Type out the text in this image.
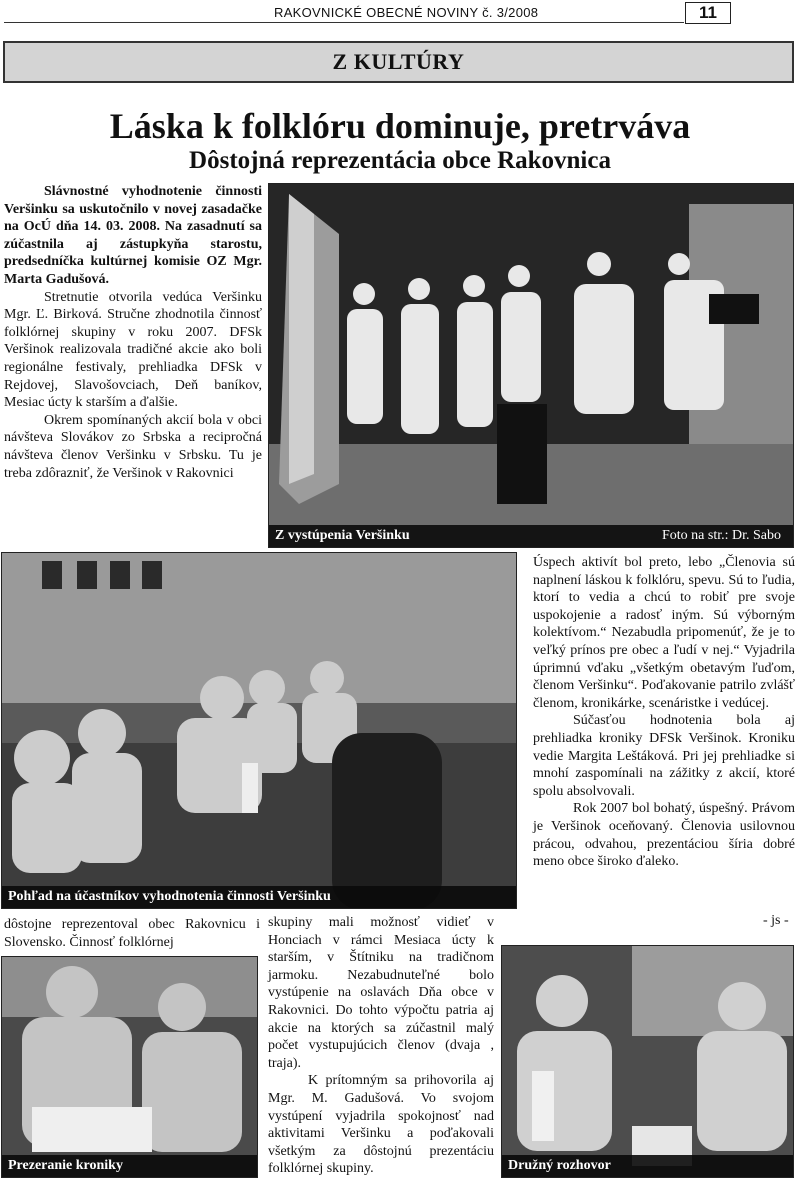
RAKOVNICKÉ OBECNÉ NOVINY č. 3/2008	11
Z KULTÚRY
Láska k folklóru dominuje, pretrváva
Dôstojná reprezentácia obce Rakovnica

Slávnostné vyhodnotenie činnosti Veršinku sa uskutočnilo v novej zasadačke na OcÚ dňa 14. 03. 2008. Na zasadnutí sa zúčastnila aj zástupkyňa starostu, predsedníčka kultúrnej komisie OZ Mgr. Marta Gadušová.

Stretnutie otvorila vedúca Veršinku Mgr. Ľ. Birková. Stručne zhodnotila činnosť folklórnej skupiny v roku 2007. DFSk Veršinok realizovala tradičné akcie ako boli regionálne festivaly, prehliadka DFSk v Rejdovej, Slavošovciach, Deň baníkov, Mesiac úcty k starším a ďalšie.

Okrem spomínaných akcií bola v obci návšteva Slovákov zo Srbska a recipročná návšteva členov Veršinku v Srbsku. Tu je treba zdôrazniť, že Veršinok v Rakovnici

Z vystúpenia Veršinku	Foto na str.: Dr. Sabo
Pohľad na účastníkov vyhodnotenia činnosti Veršinku

Úspech aktivít bol preto, lebo „Členovia sú naplnení láskou k folklóru, spevu. Sú to ľudia, ktorí to vedia a chcú to robiť pre svoje uspokojenie a radosť iným. Sú výborným kolektívom.“ Nezabudla pripomenúť, že je to veľký prínos pre obec a ľudí v nej.“ Vyjadrila úprimnú vďaku „všetkým obetavým ľuďom, členom Veršinku“. Poďakovanie patrilo zvlášť členom, kronikárke, scenáristke i vedúcej.

Súčasťou hodnotenia bola aj prehliadka kroniky DFSk Veršinok. Kroniku vedie Margita Leštáková. Pri jej prehliadke si mnohí zaspomínali na zážitky z akcií, ktoré spolu absolvovali.

Rok 2007 bol bohatý, úspešný. Právom je Veršinok oceňovaný. Členovia usilovnou prácou, odvahou, prezentáciou šíria dobré meno obce široko ďaleko.

- js -

dôstojne reprezentoval obec Rakovnicu i Slovensko. Činnosť folklórnej

Prezeranie kroniky

skupiny mali možnosť vidieť v Honciach v rámci Mesiaca úcty k starším, v Štítniku na tradičnom jarmoku. Nezabudnuteľné bolo vystúpenie na oslavách Dňa obce v Rakovnici. Do tohto výpočtu patria aj akcie na ktorých sa zúčastnil malý počet vystupujúcich členov (dvaja , traja).

K prítomným sa prihovorila aj Mgr. M. Gadušová. Vo svojom vystúpení vyjadrila spokojnosť nad aktivitami Veršinku a poďakovali všetkým za dôstojnú prezentáciu folklórnej skupiny.	Družný rozhovor
